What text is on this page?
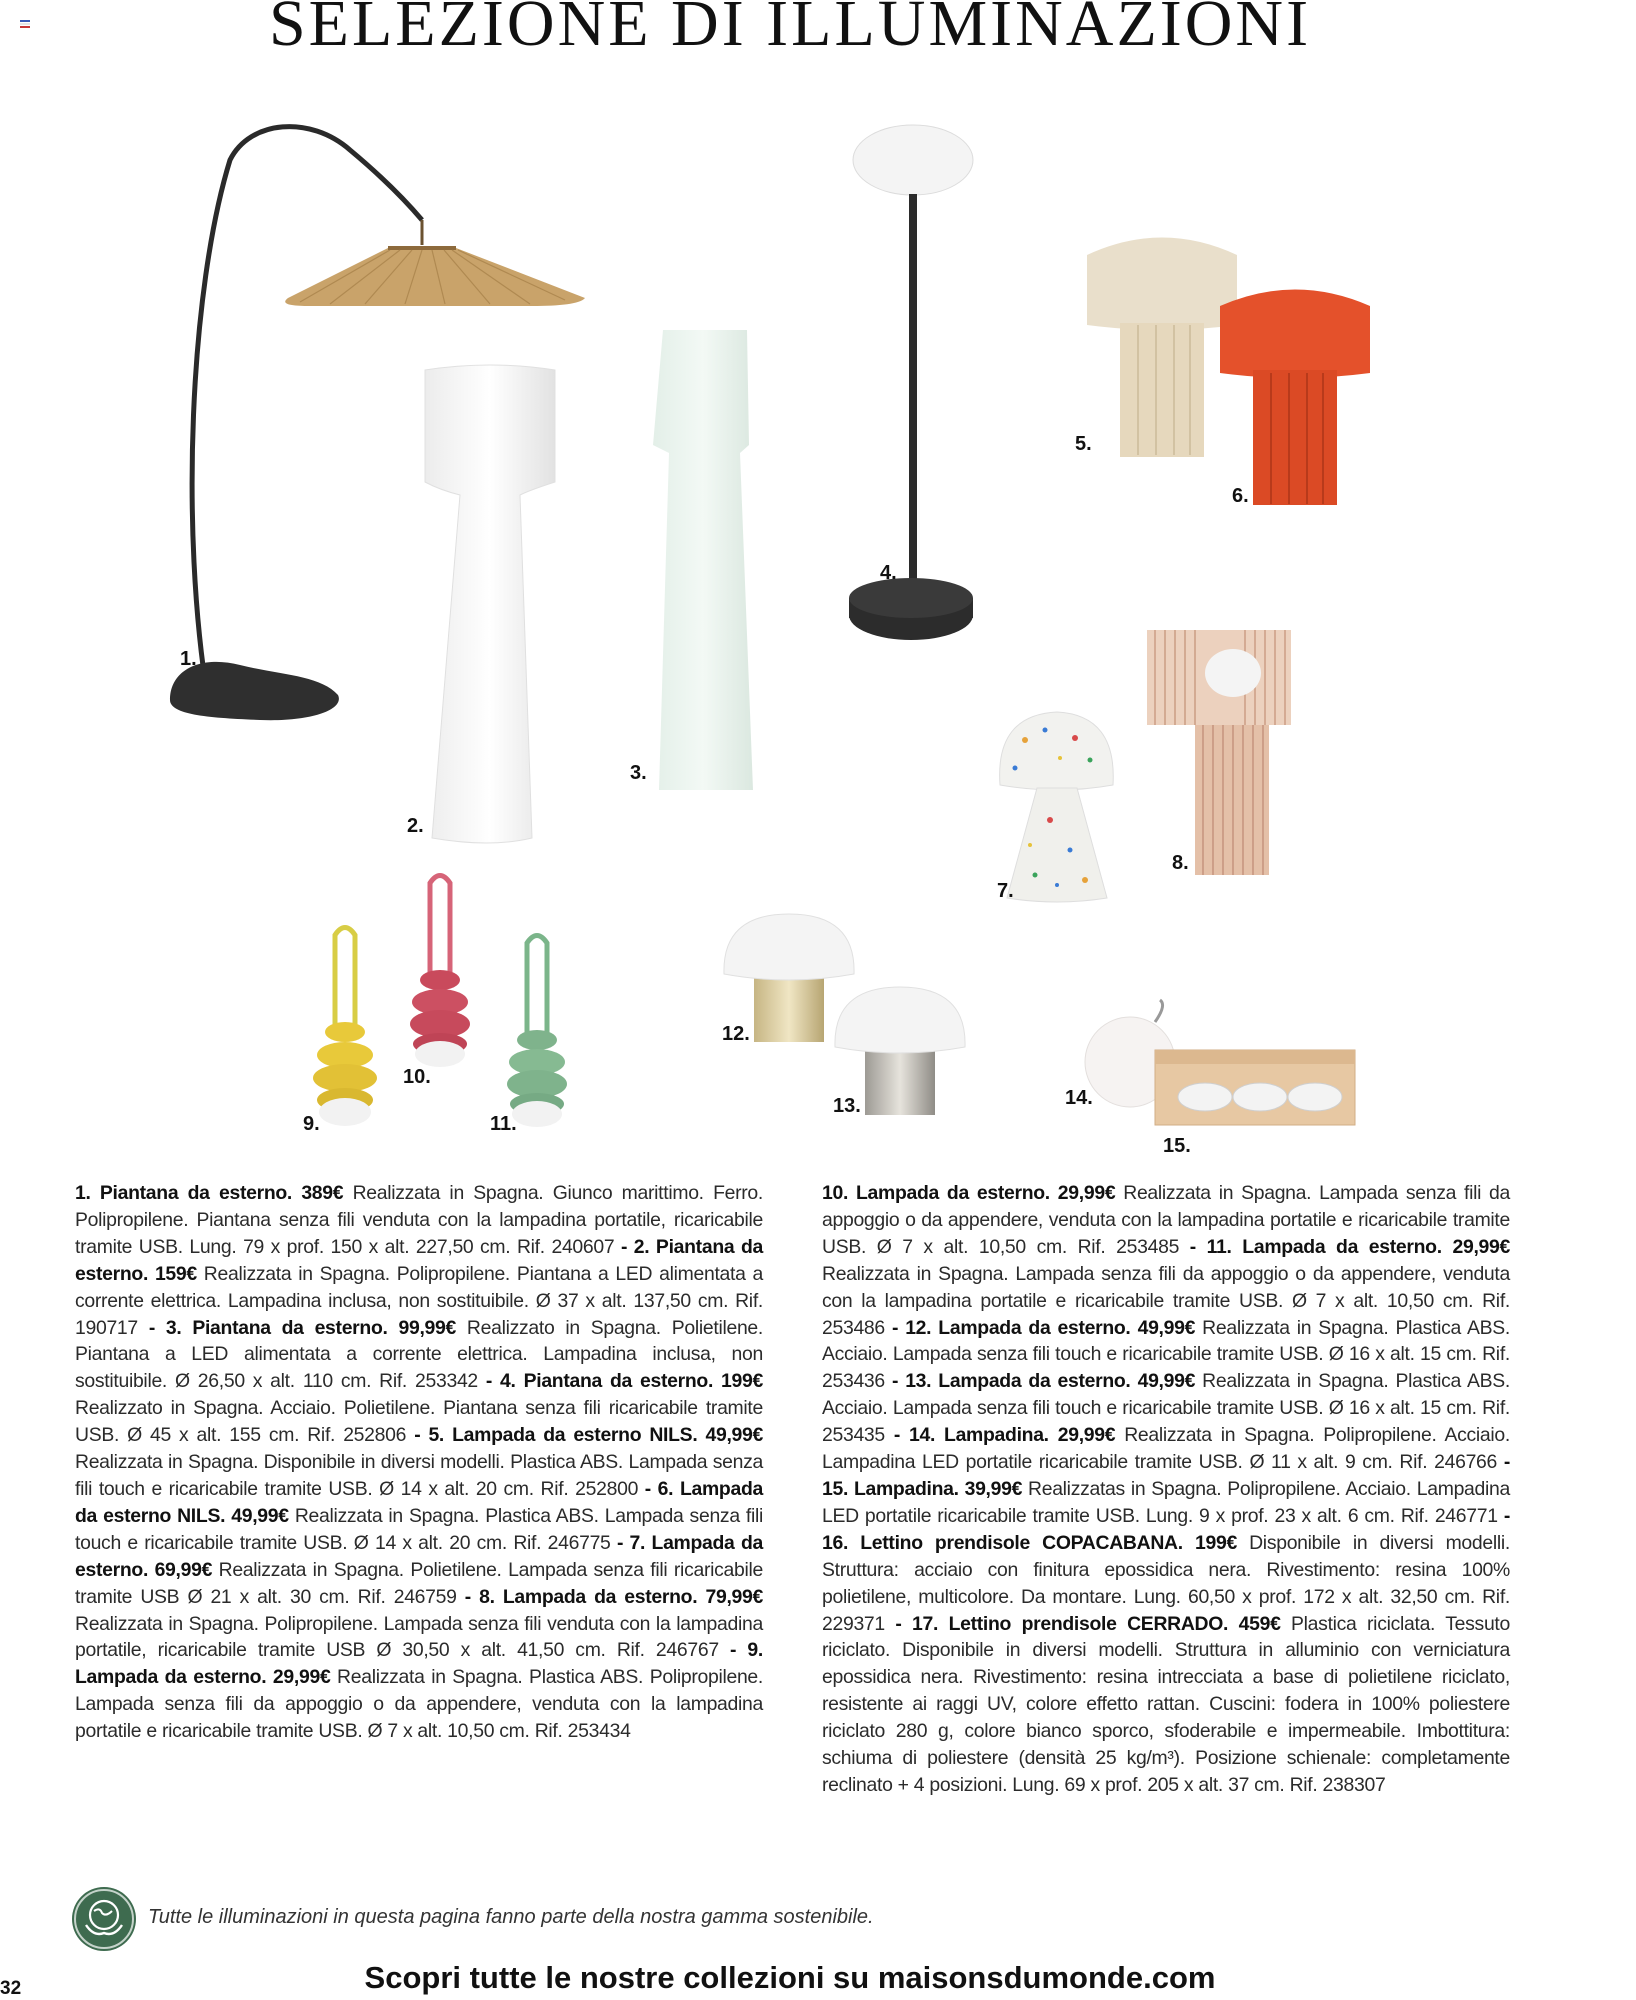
SELEZIONE DI ILLUMINAZIONI
1.
2.
3.
4.
5.
6.
7.
8.
9.
10.
11.
12.
13.	14.
15.
1. Piantana da esterno. 389€ Realizzata in Spagna. Giunco marittimo. Ferro. Polipropilene. Piantana senza fili venduta con la lampadina portatile, ricaricabile tramite USB. Lung. 79 x prof. 150 x alt. 227,50 cm. Rif. 240607 - 2. Piantana da esterno. 159€ Realizzata in Spagna. Polipropilene. Piantana a LED alimentata a corrente elettrica. Lampadina inclusa, non sostituibile. Ø 37 x alt. 137,50 cm. Rif. 190717 - 3. Piantana da esterno. 99,99€ Realizzato in Spagna. Polietilene. Piantana a LED alimentata a corrente elettrica. Lampadina inclusa, non sostituibile. Ø 26,50 x alt. 110 cm. Rif. 253342 - 4. Piantana da esterno. 199€ Realizzato in Spagna. Acciaio. Polietilene. Piantana senza fili ricaricabile tramite USB. Ø 45 x alt. 155 cm. Rif. 252806 - 5. Lampada da esterno NILS. 49,99€ Realizzata in Spagna. Disponibile in diversi modelli. Plastica ABS. Lampada senza fili touch e ricaricabile tramite USB. Ø 14 x alt. 20 cm. Rif. 252800 - 6. Lampada da esterno NILS. 49,99€ Realizzata in Spagna. Plastica ABS. Lampada senza fili touch e ricaricabile tramite USB. Ø 14 x alt. 20 cm. Rif. 246775 - 7. Lampada da esterno. 69,99€ Realizzata in Spagna. Polietilene. Lampada senza fili ricaricabile tramite USB Ø 21 x alt. 30 cm. Rif. 246759 - 8. Lampada da esterno. 79,99€ Realizzata in Spagna. Polipropilene. Lampada senza fili venduta con la lampadina portatile, ricaricabile tramite USB Ø 30,50 x alt. 41,50 cm. Rif. 246767 - 9. Lampada da esterno. 29,99€ Realizzata in Spagna. Plastica ABS. Polipropilene. Lampada senza fili da appoggio o da appendere, venduta con la lampadina portatile e ricaricabile tramite USB. Ø 7 x alt. 10,50 cm. Rif. 253434
10. Lampada da esterno. 29,99€ Realizzata in Spagna. Lampada senza fili da appoggio o da appendere, venduta con la lampadina portatile e ricaricabile tramite USB. Ø 7 x alt. 10,50 cm. Rif. 253485 - 11. Lampada da esterno. 29,99€ Realizzata in Spagna. Lampada senza fili da appoggio o da appendere, venduta con la lampadina portatile e ricaricabile tramite USB. Ø 7 x alt. 10,50 cm. Rif. 253486 - 12. Lampada da esterno. 49,99€ Realizzata in Spagna. Plastica ABS. Acciaio. Lampada senza fili touch e ricaricabile tramite USB. Ø 16 x alt. 15 cm. Rif. 253436 - 13. Lampada da esterno. 49,99€ Realizzata in Spagna. Plastica ABS. Acciaio. Lampada senza fili touch e ricaricabile tramite USB. Ø 16 x alt. 15 cm. Rif. 253435 - 14. Lampadina. 29,99€ Realizzata in Spagna. Polipropilene. Acciaio. Lampadina LED portatile ricaricabile tramite USB. Ø 11 x alt. 9 cm. Rif. 246766 - 15. Lampadina. 39,99€ Realizzatas in Spagna. Polipropilene. Acciaio. Lampadina LED portatile ricaricabile tramite USB. Lung. 9 x prof. 23 x alt. 6 cm. Rif. 246771 - 16. Lettino prendisole COPACABANA. 199€ Disponibile in diversi modelli. Struttura: acciaio con finitura epossidica nera. Rivestimento: resina 100% polietilene, multicolore. Da montare. Lung. 60,50 x prof. 172 x alt. 32,50 cm. Rif. 229371 - 17. Lettino prendisole CERRADO. 459€ Plastica riciclata. Tessuto riciclato. Disponibile in diversi modelli. Struttura in alluminio con verniciatura epossidica nera. Rivestimento: resina intrecciata a base di polietilene riciclato, resistente ai raggi UV, colore effetto rattan. Cuscini: fodera in 100% poliestere riciclato 280 g, colore bianco sporco, sfoderabile e impermeabile. Imbottitura: schiuma di poliestere (densità 25 kg/m³). Posizione schienale: completamente reclinato + 4 posizioni. Lung. 69 x prof. 205 x alt. 37 cm. Rif. 238307
Tutte le illuminazioni in questa pagina fanno parte della nostra gamma sostenibile.
32	Scopri tutte le nostre collezioni su maisonsdumonde.com
